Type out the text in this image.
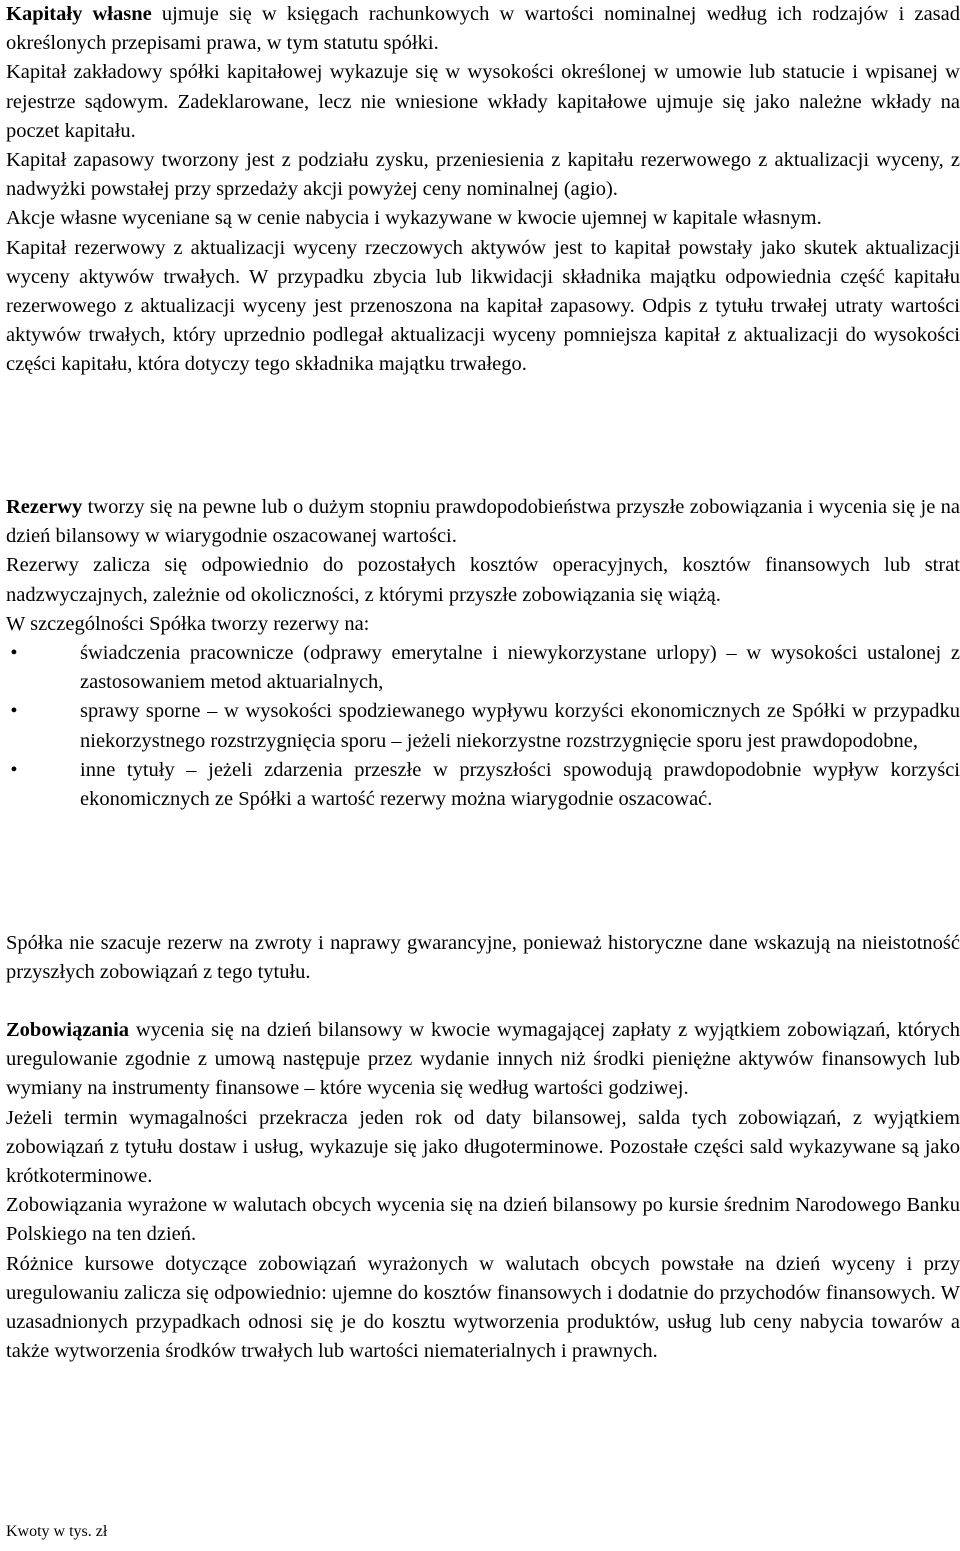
Kapitały własne ujmuje się w księgach rachunkowych w wartości nominalnej według ich rodzajów i zasad określonych przepisami prawa, w tym statutu spółki.

Kapitał zakładowy spółki kapitałowej wykazuje się w wysokości określonej w umowie lub statucie i wpisanej w rejestrze sądowym. Zadeklarowane, lecz nie wniesione wkłady kapitałowe ujmuje się jako należne wkłady na poczet kapitału.

Kapitał zapasowy tworzony jest z podziału zysku, przeniesienia z kapitału rezerwowego z aktualizacji wyceny, z nadwyżki powstałej przy sprzedaży akcji powyżej ceny nominalnej (agio).

Akcje własne wyceniane są w cenie nabycia i wykazywane w kwocie ujemnej w kapitale własnym.

Kapitał rezerwowy z aktualizacji wyceny rzeczowych aktywów jest to kapitał powstały jako skutek aktualizacji wyceny aktywów trwałych. W przypadku zbycia lub likwidacji składnika majątku odpowiednia część kapitału rezerwowego z aktualizacji wyceny jest przenoszona na kapitał zapasowy. Odpis z tytułu trwałej utraty wartości aktywów trwałych, który uprzednio podlegał aktualizacji wyceny pomniejsza kapitał z aktualizacji do wysokości części kapitału, która dotyczy tego składnika majątku trwałego.

Rezerwy tworzy się na pewne lub o dużym stopniu prawdopodobieństwa przyszłe zobowiązania i wycenia się je na dzień bilansowy w wiarygodnie oszacowanej wartości.

Rezerwy zalicza się odpowiednio do pozostałych kosztów operacyjnych, kosztów finansowych lub strat nadzwyczajnych, zależnie od okoliczności, z którymi przyszłe zobowiązania się wiążą.

W szczególności Spółka tworzy rezerwy na:

•	świadczenia pracownicze (odprawy emerytalne i niewykorzystane urlopy) – w wysokości ustalonej z zastosowaniem metod aktuarialnych,
•	sprawy sporne – w wysokości spodziewanego wypływu korzyści ekonomicznych ze Spółki w przypadku niekorzystnego rozstrzygnięcia sporu – jeżeli niekorzystne rozstrzygnięcie sporu jest prawdopodobne,
•	inne tytuły – jeżeli zdarzenia przeszłe w przyszłości spowodują prawdopodobnie wypływ korzyści ekonomicznych ze Spółki a wartość rezerwy można wiarygodnie oszacować.

Spółka nie szacuje rezerw na zwroty i naprawy gwarancyjne, ponieważ historyczne dane wskazują na nieistotność przyszłych zobowiązań z tego tytułu.

Zobowiązania wycenia się na dzień bilansowy w kwocie wymagającej zapłaty z wyjątkiem zobowiązań, których uregulowanie zgodnie z umową następuje przez wydanie innych niż środki pieniężne aktywów finansowych lub wymiany na instrumenty finansowe – które wycenia się według wartości godziwej.

Jeżeli termin wymagalności przekracza jeden rok od daty bilansowej, salda tych zobowiązań, z wyjątkiem zobowiązań z tytułu dostaw i usług, wykazuje się jako długoterminowe. Pozostałe części sald wykazywane są jako krótkoterminowe.

Zobowiązania wyrażone w walutach obcych wycenia się na dzień bilansowy po kursie średnim Narodowego Banku Polskiego na ten dzień.

Różnice kursowe dotyczące zobowiązań wyrażonych w walutach obcych powstałe na dzień wyceny i przy uregulowaniu zalicza się odpowiednio: ujemne do kosztów finansowych i dodatnie do przychodów finansowych. W uzasadnionych przypadkach odnosi się je do kosztu wytworzenia produktów, usług lub ceny nabycia towarów a także wytworzenia środków trwałych lub wartości niematerialnych i prawnych.

Kwoty w tys. zł
